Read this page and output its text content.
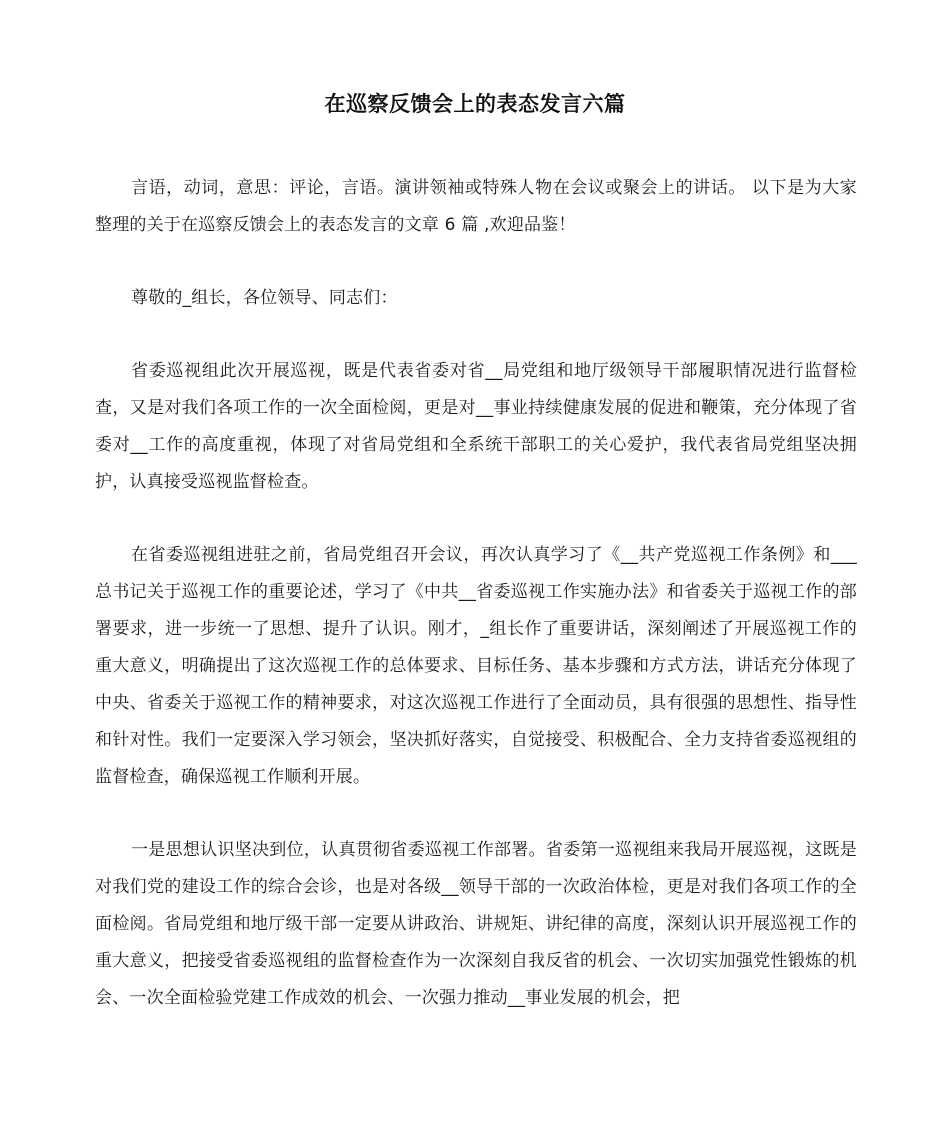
在巡察反馈会上的表态发言六篇

言语，动词，意思：评论，言语。演讲领袖或特殊人物在会议或聚会上的讲话。 以下是为大家整理的关于在巡察反馈会上的表态发言的文章 6 篇 ,欢迎品鉴！

尊敬的_组长，各位领导、同志们：

省委巡视组此次开展巡视，既是代表省委对省__局党组和地厅级领导干部履职情况进行监督检查，又是对我们各项工作的一次全面检阅，更是对__事业持续健康发展的促进和鞭策，充分体现了省委对__工作的高度重视，体现了对省局党组和全系统干部职工的关心爱护，我代表省局党组坚决拥护，认真接受巡视监督检查。

在省委巡视组进驻之前，省局党组召开会议，再次认真学习了《__共产党巡视工作条例》和___总书记关于巡视工作的重要论述，学习了《中共__省委巡视工作实施办法》和省委关于巡视工作的部署要求，进一步统一了思想、提升了认识。刚才，_组长作了重要讲话，深刻阐述了开展巡视工作的重大意义，明确提出了这次巡视工作的总体要求、目标任务、基本步骤和方式方法，讲话充分体现了中央、省委关于巡视工作的精神要求，对这次巡视工作进行了全面动员，具有很强的思想性、指导性和针对性。我们一定要深入学习领会，坚决抓好落实，自觉接受、积极配合、全力支持省委巡视组的监督检查，确保巡视工作顺利开展。

一是思想认识坚决到位，认真贯彻省委巡视工作部署。省委第一巡视组来我局开展巡视，这既是对我们党的建设工作的综合会诊，也是对各级__领导干部的一次政治体检，更是对我们各项工作的全面检阅。省局党组和地厅级干部一定要从讲政治、讲规矩、讲纪律的高度，深刻认识开展巡视工作的重大意义，把接受省委巡视组的监督检查作为一次深刻自我反省的机会、一次切实加强党性锻炼的机会、一次全面检验党建工作成效的机会、一次强力推动__事业发展的机会，把
